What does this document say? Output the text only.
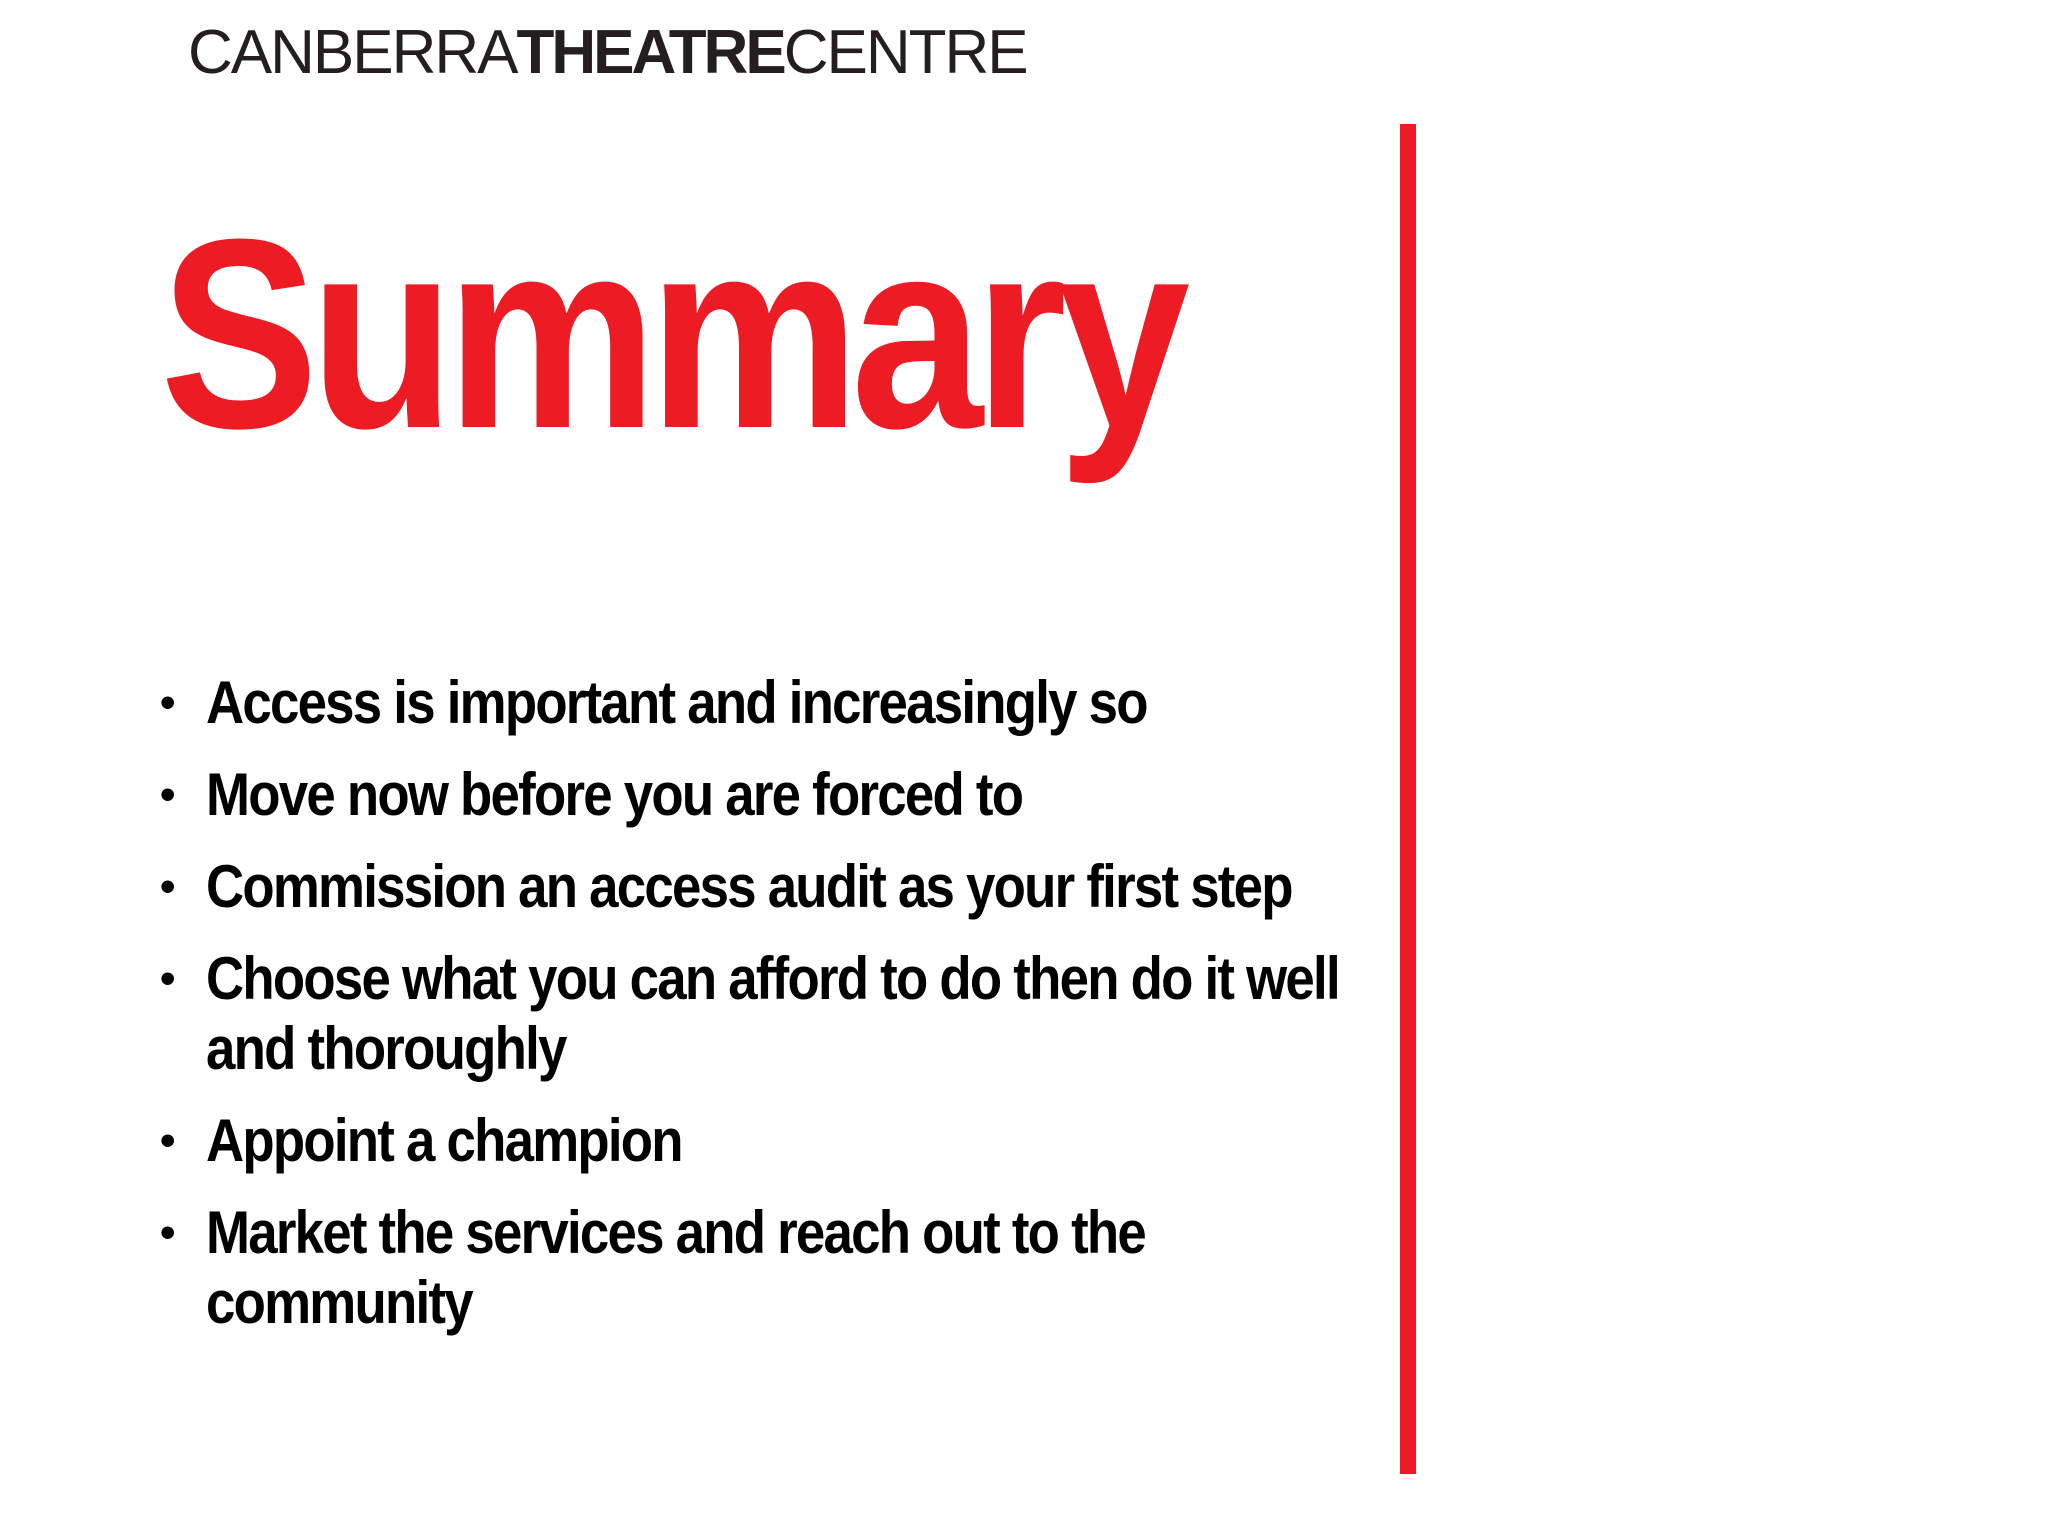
CANBERRATHEATRECENTRE
Summary
• Access is important and increasingly so
• Move now before you are forced to
• Commission an access audit as your first step
• Choose what you can afford to do then do it well and thoroughly
• Appoint a champion
• Market the services and reach out to the community
